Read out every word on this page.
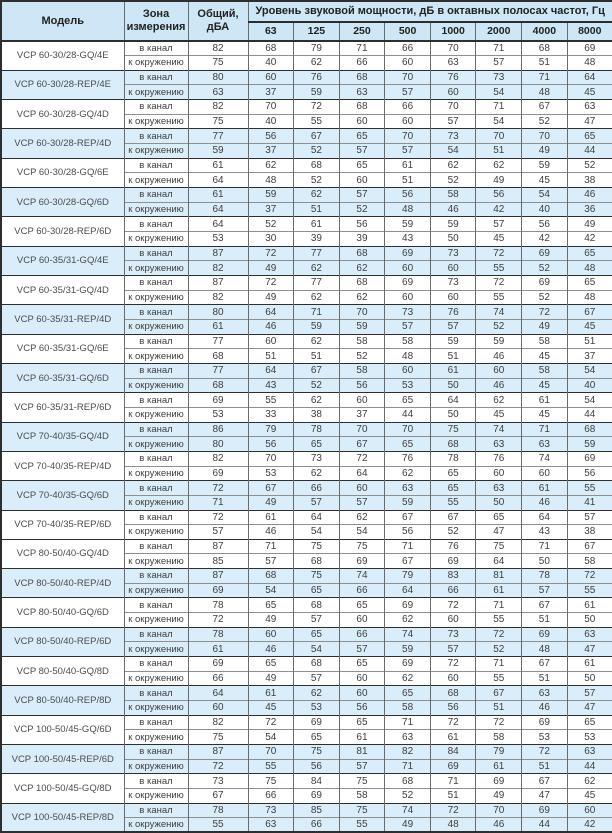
Модель	Зона измерения	Общий, дБА	Уровень звуковой мощности, дБ в октавных полосах частот, Гц							
			63	125	250	500	1000	2000	4000	8000
VCP 60-30/28-GQ/4E	в канал	82	68	79	71	66	70	71	68	69
	к окружению	75	40	62	66	60	63	57	51	48
VCP 60-30/28-REP/4E	в канал	80	60	76	68	70	76	73	71	64
	к окружению	63	37	59	63	57	60	54	48	45
VCP 60-30/28-GQ/4D	в канал	82	70	72	68	66	70	71	67	63
	к окружению	75	40	55	60	60	57	54	52	47
VCP 60-30/28-REP/4D	в канал	77	56	67	65	70	73	70	70	65
	к окружению	59	37	52	57	57	54	51	49	44
VCP 60-30/28-GQ/6E	в канал	61	62	68	65	61	62	62	59	52
	к окружению	64	48	52	60	51	52	49	45	38
VCP 60-30/28-GQ/6D	в канал	61	59	62	57	56	58	56	54	46
	к окружению	64	37	51	52	48	46	42	40	36
VCP 60-30/28-REP/6D	в канал	64	52	61	56	59	59	57	56	49
	к окружению	53	30	39	39	43	50	45	42	42
VCP 60-35/31-GQ/4E	в канал	87	72	77	68	69	73	72	69	65
	к окружению	82	49	62	62	60	60	55	52	48
VCP 60-35/31-GQ/4D	в канал	87	72	77	68	69	73	72	69	65
	к окружению	82	49	62	62	60	60	55	52	48
VCP 60-35/31-REP/4D	в канал	80	64	71	70	73	76	74	72	67
	к окружению	61	46	59	59	57	57	52	49	45
VCP 60-35/31-GQ/6E	в канал	77	60	62	58	58	59	59	58	51
	к окружению	68	51	51	52	48	51	46	45	37
VCP 60-35/31-GQ/6D	в канал	77	64	67	58	60	61	60	58	54
	к окружению	68	43	52	56	53	50	46	45	40
VCP 60-35/31-REP/6D	в канал	69	55	62	60	65	64	62	61	54
	к окружению	53	33	38	37	44	50	45	45	44
VCP 70-40/35-GQ/4D	в канал	86	79	78	70	70	75	74	71	68
	к окружению	80	56	65	67	65	68	63	63	59
VCP 70-40/35-REP/4D	в канал	82	70	73	72	76	78	76	74	69
	к окружению	69	53	62	64	62	65	60	60	56
VCP 70-40/35-GQ/6D	в канал	72	67	66	60	63	65	63	61	55
	к окружению	71	49	57	57	59	55	50	46	41
VCP 70-40/35-REP/6D	в канал	72	61	64	62	67	67	65	64	57
	к окружению	57	46	54	54	56	52	47	43	38
VCP 80-50/40-GQ/4D	в канал	87	71	75	75	71	76	75	71	67
	к окружению	85	57	68	69	67	69	64	50	58
VCP 80-50/40-REP/4D	в канал	87	68	75	74	79	83	81	78	72
	к окружению	69	54	65	66	64	66	61	57	55
VCP 80-50/40-GQ/6D	в канал	78	65	68	65	69	72	71	67	61
	к окружению	72	49	57	60	62	60	55	51	50
VCP 80-50/40-REP/6D	в канал	78	60	65	66	74	73	72	69	63
	к окружению	61	46	54	57	59	57	52	48	47
VCP 80-50/40-GQ/8D	в канал	69	65	68	65	69	72	71	67	61
	к окружению	66	49	57	60	62	60	55	51	50
VCP 80-50/40-REP/8D	в канал	64	61	62	60	65	68	67	63	57
	к окружению	60	45	53	56	58	56	51	46	47
VCP 100-50/45-GQ/6D	в канал	82	72	69	65	71	72	72	69	65
	к окружению	75	54	65	61	63	61	58	53	53
VCP 100-50/45-REP/6D	в канал	87	70	75	81	82	84	79	72	63
	к окружению	72	55	56	57	71	69	61	51	44
VCP 100-50/45-GQ/8D	в канал	73	75	84	75	68	71	69	67	62
	к окружению	67	66	69	58	52	51	49	47	45
VCP 100-50/45-REP/8D	в канал	78	73	85	75	74	72	70	69	60
	к окружению	55	63	66	55	49	48	46	44	42
